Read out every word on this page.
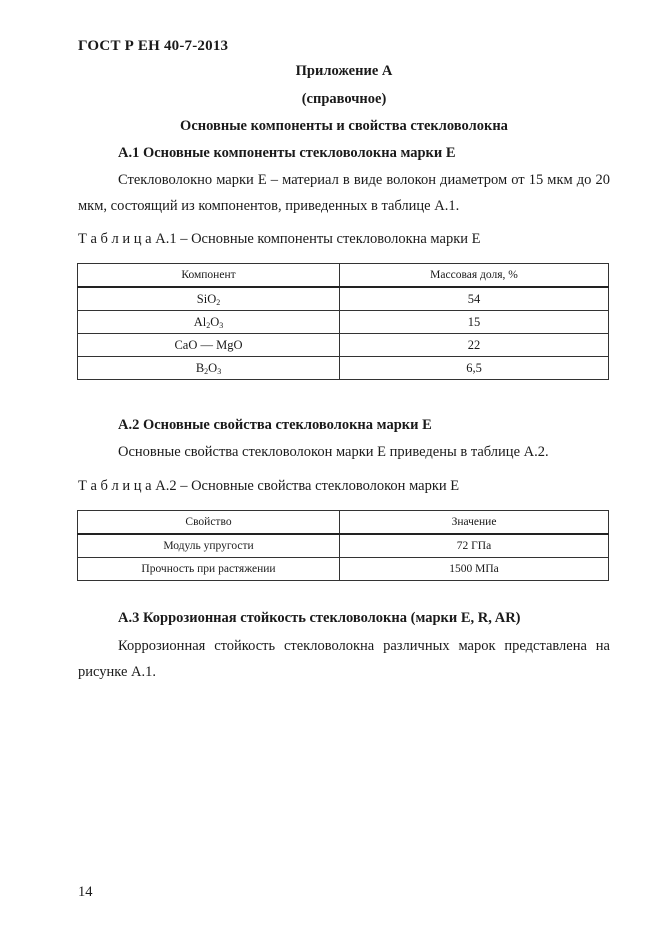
ГОСТ Р ЕН 40-7-2013
Приложение А
(справочное)
Основные компоненты и свойства стекловолокна
А.1 Основные компоненты стекловолокна марки Е
Стекловолокно марки Е – материал в виде волокон диаметром от 15 мкм до 20 мкм, состоящий из компонентов, приведенных в таблице А.1.
Т а б л и ц а А.1 – Основные компоненты стекловолокна марки Е
Компонент	Массовая доля, %
SiO$_2$	54
$Al_2O_3$	15
CaO — MgO	22
$B_2O_3$	6,5
А.2 Основные свойства стекловолокна марки Е
Основные свойства стекловолокон марки Е приведены в таблице А.2.
Т а б л и ц а А.2 – Основные свойства стекловолокон марки Е
Свойство	Значение
Модуль упругости	72 ГПа
Прочность при растяжении	1500 МПа
А.3 Коррозионная стойкость стекловолокна (марки Е, R, AR)
Коррозионная стойкость стекловолокна различных марок представлена на рисунке А.1.
14
